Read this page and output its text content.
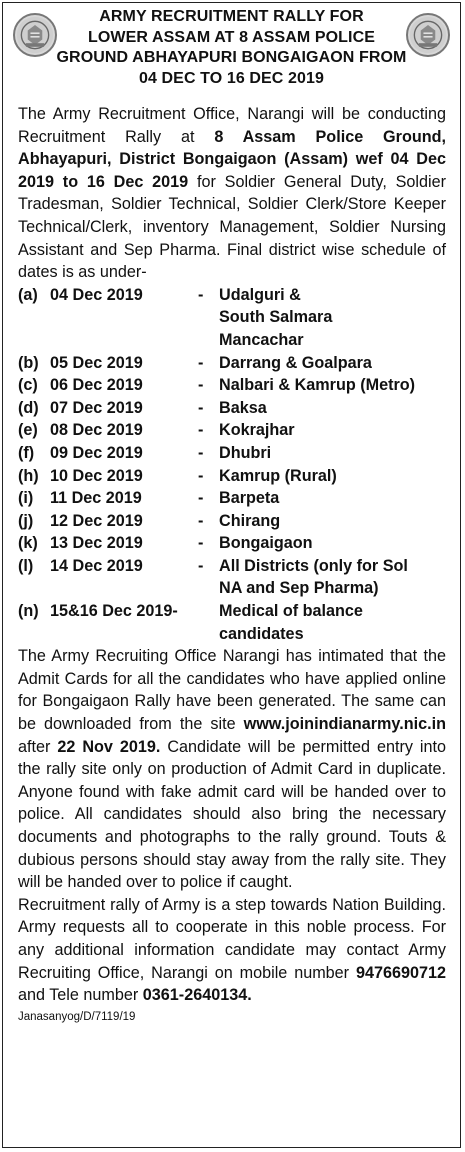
ARMY RECRUITMENT RALLY FOR
LOWER ASSAM AT 8 ASSAM POLICE
GROUND ABHAYAPURI BONGAIGAON FROM
04 DEC TO 16 DEC 2019

The Army Recruitment Office, Narangi will be conducting Recruitment Rally at 8 Assam Police Ground, Abhayapuri, District Bongaigaon (Assam) wef 04 Dec 2019 to 16 Dec 2019 for Soldier General Duty, Soldier Tradesman, Soldier Technical, Soldier Clerk/Store Keeper Technical/Clerk, inventory Management, Soldier Nursing Assistant and Sep Pharma. Final district wise schedule of dates is as under-

(a) 04 Dec 2019	- Udalguri &
South Salmara
Mancachar
(b) 05 Dec 2019	- Darrang & Goalpara
(c) 06 Dec 2019	- Nalbari & Kamrup (Metro)
(d) 07 Dec 2019	- Baksa
(e) 08 Dec 2019	- Kokrajhar
(f) 09 Dec 2019	- Dhubri
(h) 10 Dec 2019	- Kamrup (Rural)
(i)	11 Dec 2019	- Barpeta
(j)	12 Dec 2019	- Chirang
(k) 13 Dec 2019	- Bongaigaon
(l)	14 Dec 2019	- All Districts (only for Sol
NA and Sep Pharma)
(n) 15&16 Dec 2019-	Medical of balance
candidates

The Army Recruiting Office Narangi has intimated that the Admit Cards for all the candidates who have applied online for Bongaigaon Rally have been generated. The same can be downloaded from the site www.joinindianarmy.nic.in after 22 Nov 2019. Candidate will be permitted entry into the rally site only on production of Admit Card in duplicate. Anyone found with fake admit card will be handed over to police. All candidates should also bring the necessary documents and photographs to the rally ground. Touts & dubious persons should stay away from the rally site. They will be handed over to police if caught.

Recruitment rally of Army is a step towards Nation Building. Army requests all to cooperate in this noble process. For any additional information candidate may contact Army Recruiting Office, Narangi on mobile number 9476690712 and Tele number 0361-2640134.

Janasanyog/D/7119/19
